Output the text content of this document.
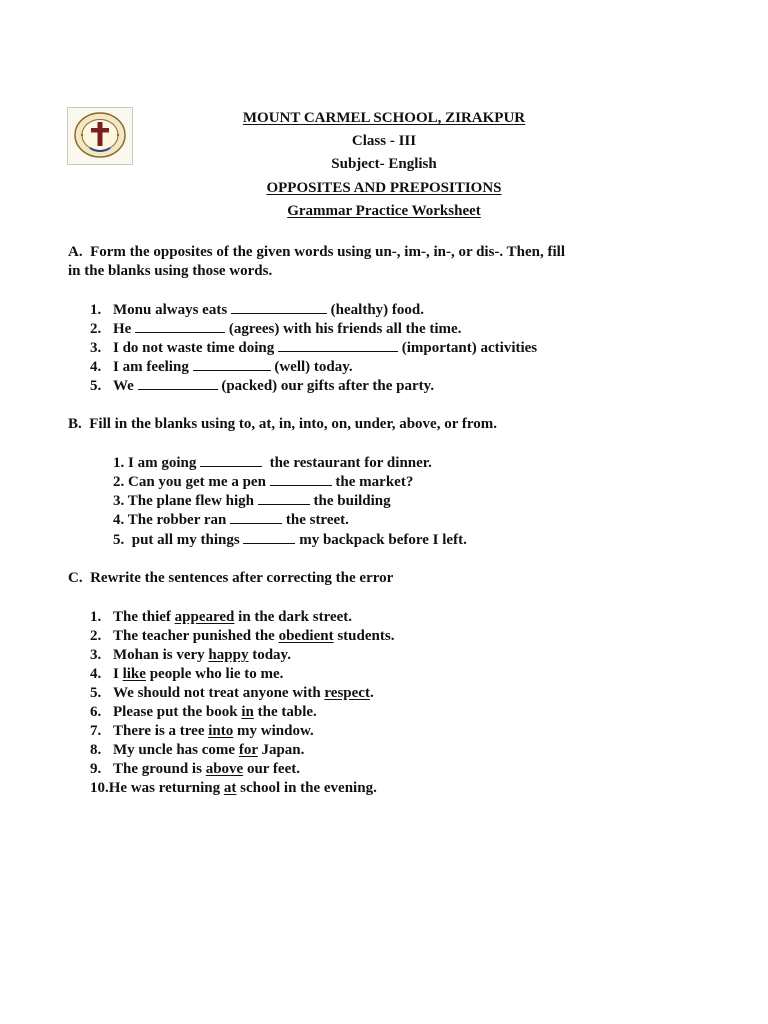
MOUNT CARMEL SCHOOL, ZIRAKPUR
Class - III
Subject- English
OPPOSITES AND PREPOSITIONS
Grammar Practice Worksheet
A. Form the opposites of the given words using un-, im-, in-, or dis-. Then, fill
in the blanks using those words.
1. Monu always eats	(healthy) food.
2. He	(agrees) with his friends all the time.
3. I do not waste time doing	(important) activities
4. I am feeling	(well) today.
5. We	(packed) our gifts after the party.
B. Fill in the blanks using to, at, in, into, on, under, above, or from.
1. I am going	the restaurant for dinner.
2. Can you get me a pen	the market?
3. The plane flew high	the building
4. The robber ran	the street.
5. put all my things	my backpack before I left.
C. Rewrite the sentences after correcting the error
1. The thief appeared in the dark street.
2. The teacher punished the obedient students.
3. Mohan is very happy today.
4. I like people who lie to me.
5. We should not treat anyone with respect.
6. Please put the book in the table.
7. There is a tree into my window.
8. My uncle has come for Japan.
9. The ground is above our feet.
10.He was returning at school in the evening.
